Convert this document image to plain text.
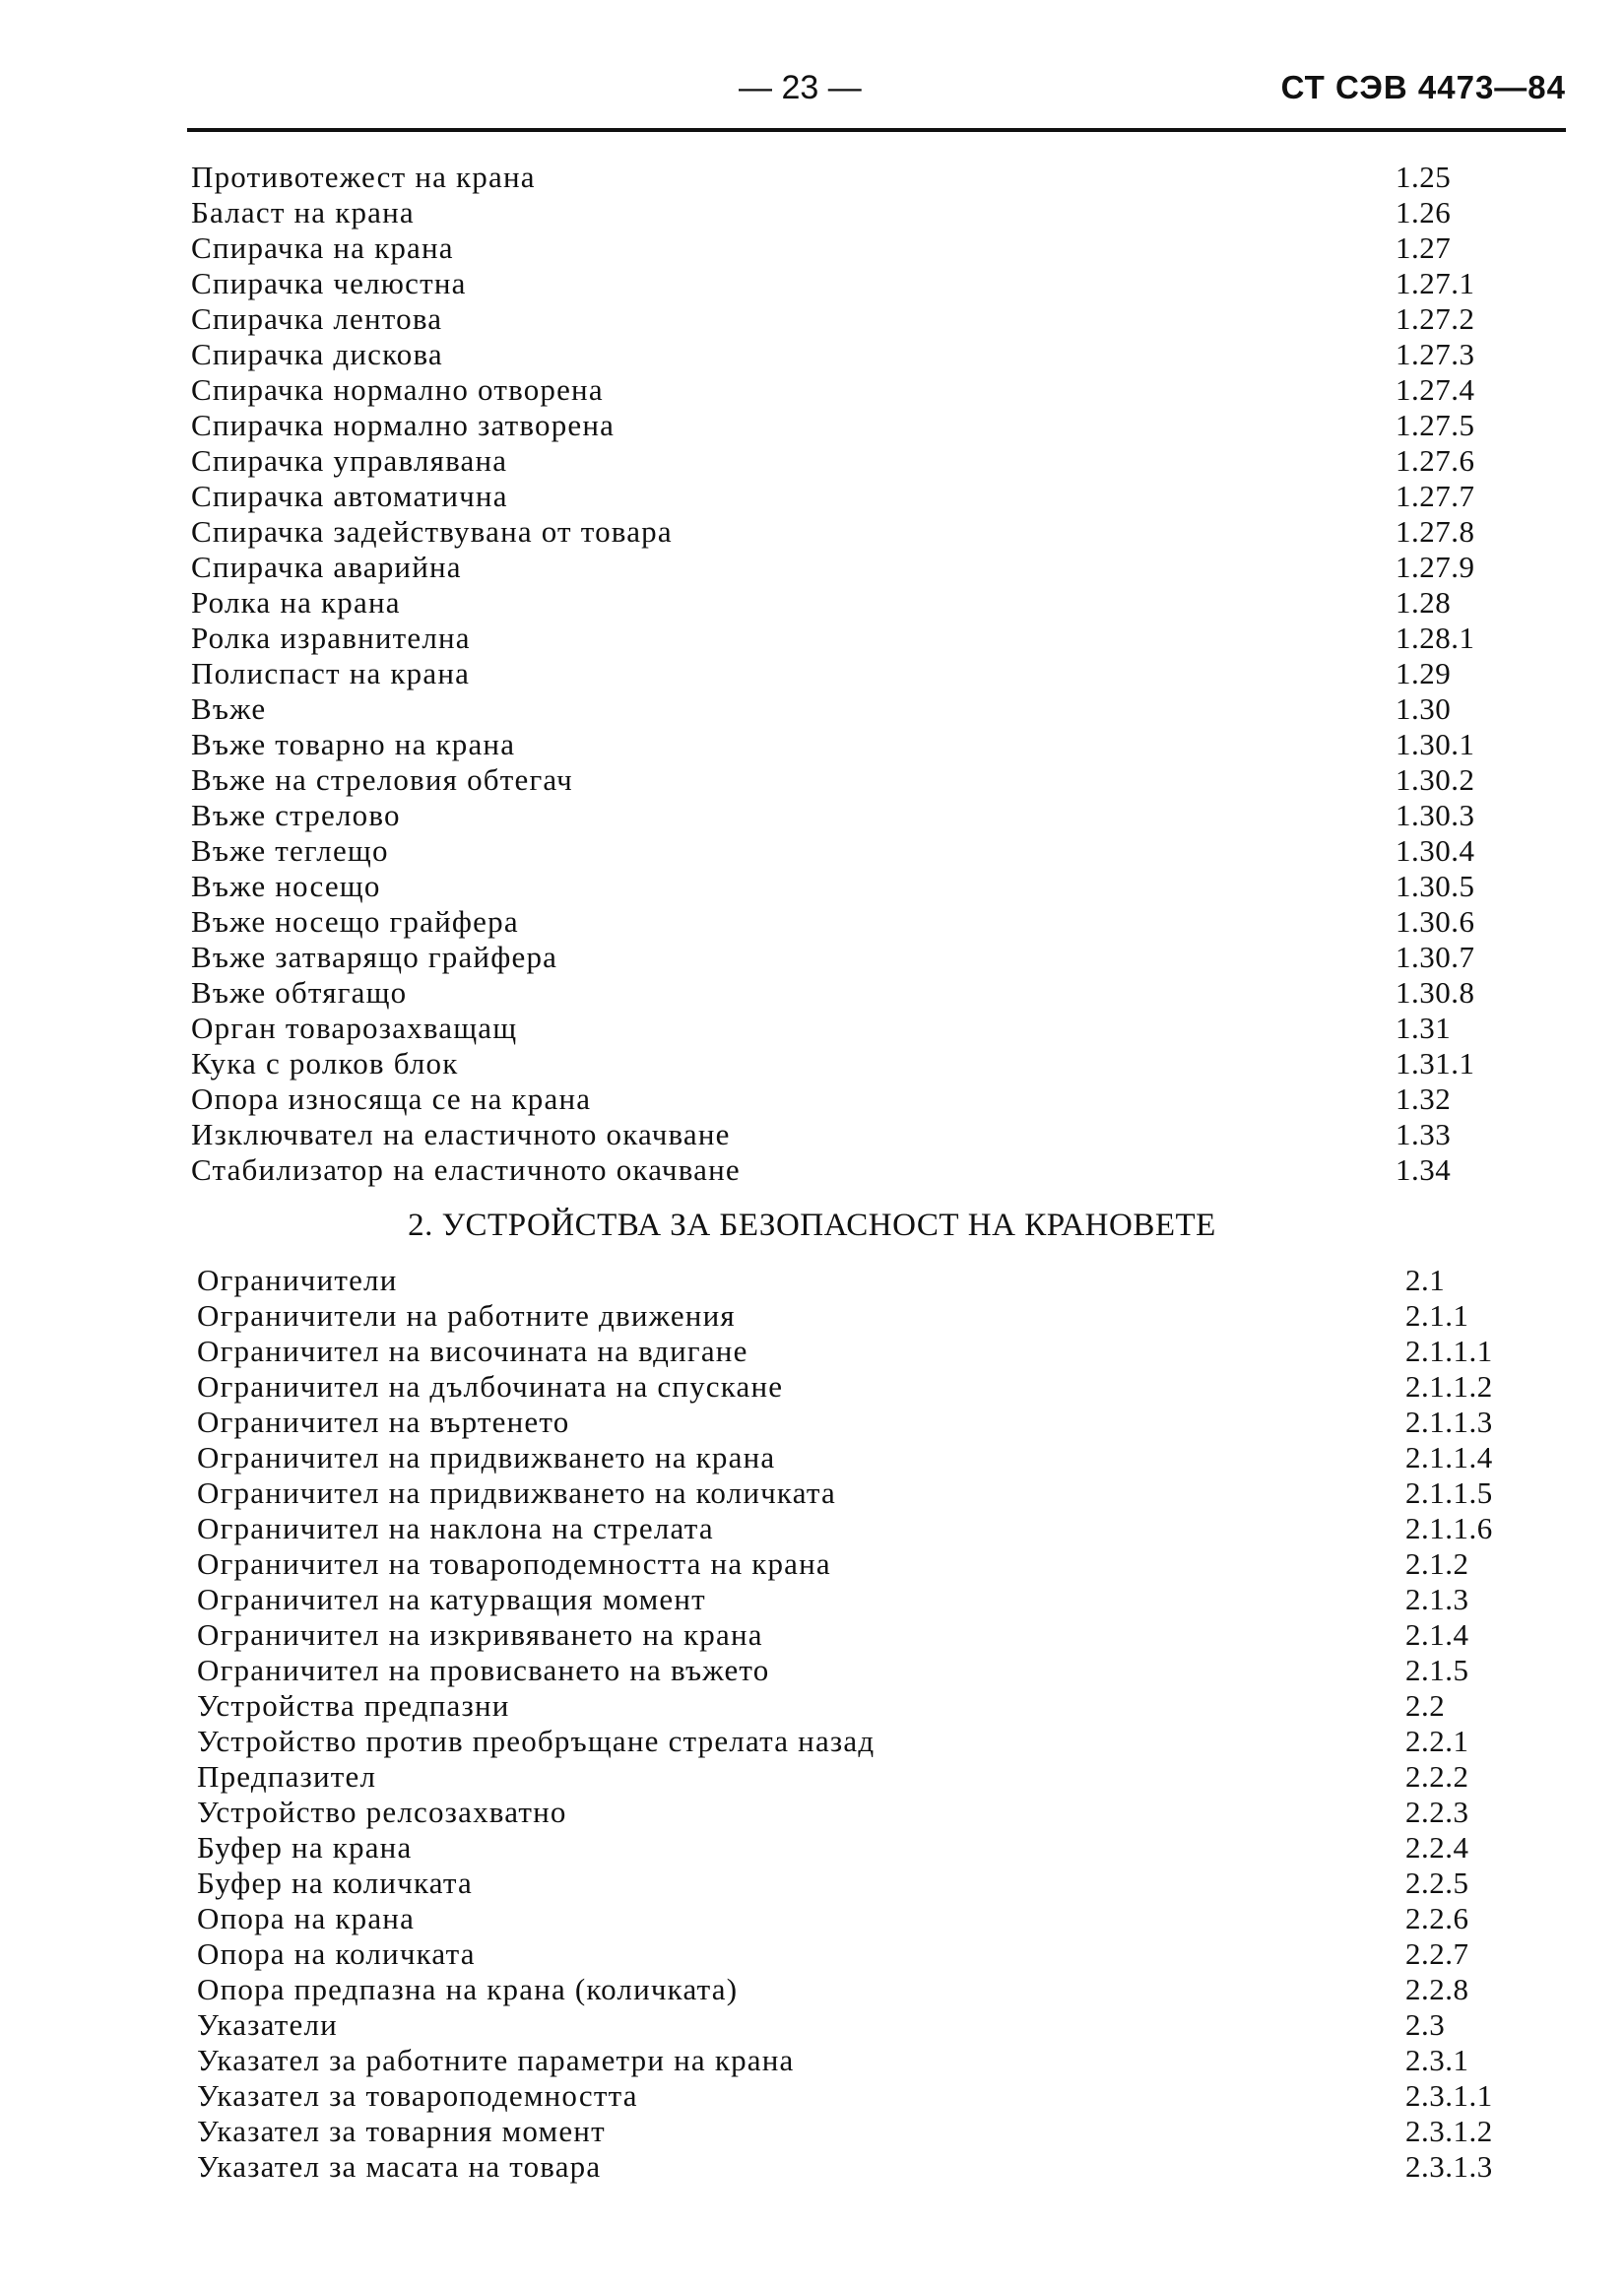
— 23 —	СТ СЭВ 4473—84
Противотежест на крана	1.25
Баласт на крана	1.26
Спирачка на крана	1.27
Спирачка челюстна	1.27.1
Спирачка лентова	1.27.2
Спирачка дискова	1.27.3
Спирачка нормално отворена	1.27.4
Спирачка нормално затворена	1.27.5
Спирачка управлявана	1.27.6
Спирачка автоматична	1.27.7
Спирачка задействувана от товара	1.27.8
Спирачка аварийна	1.27.9
Ролка на крана	1.28
Ролка изравнителна	1.28.1
Полиспаст на крана	1.29
Въже	1.30
Въже товарно на крана	1.30.1
Въже на стреловия обтегач	1.30.2
Въже стрелово	1.30.3
Въже теглещо	1.30.4
Въже носещо	1.30.5
Въже носещо грайфера	1.30.6
Въже затварящо грайфера	1.30.7
Въже обтягащо	1.30.8
Орган товарозахващащ	1.31
Кука с ролков блок	1.31.1
Опора износяща се на крана	1.32
Изключвател на еластичното окачване	1.33
Стабилизатор на еластичното окачване	1.34
2. УСТРОЙСТВА ЗА БЕЗОПАСНОСТ НА КРАНОВЕТЕ
Ограничители	2.1
Ограничители на работните движения	2.1.1
Ограничител на височината на вдигане	2.1.1.1
Ограничител на дълбочината на спускане	2.1.1.2
Ограничител на въртенето	2.1.1.3
Ограничител на придвижването на крана	2.1.1.4
Ограничител на придвижването на количката	2.1.1.5
Ограничител на наклона на стрелата	2.1.1.6
Ограничител на товароподемността на крана	2.1.2
Ограничител на катурващия момент	2.1.3
Ограничител на изкривяването на крана	2.1.4
Ограничител на провисването на въжето	2.1.5
Устройства предпазни	2.2
Устройство против преобръщане стрелата назад	2.2.1
Предпазител	2.2.2
Устройство релсозахватно	2.2.3
Буфер на крана	2.2.4
Буфер на количката	2.2.5
Опора на крана	2.2.6
Опора на количката	2.2.7
Опора предпазна на крана (количката)	2.2.8
Указатели	2.3
Указател за работните параметри на крана	2.3.1
Указател за товароподемността	2.3.1.1
Указател за товарния момент	2.3.1.2
Указател за масата на товара	2.3.1.3
